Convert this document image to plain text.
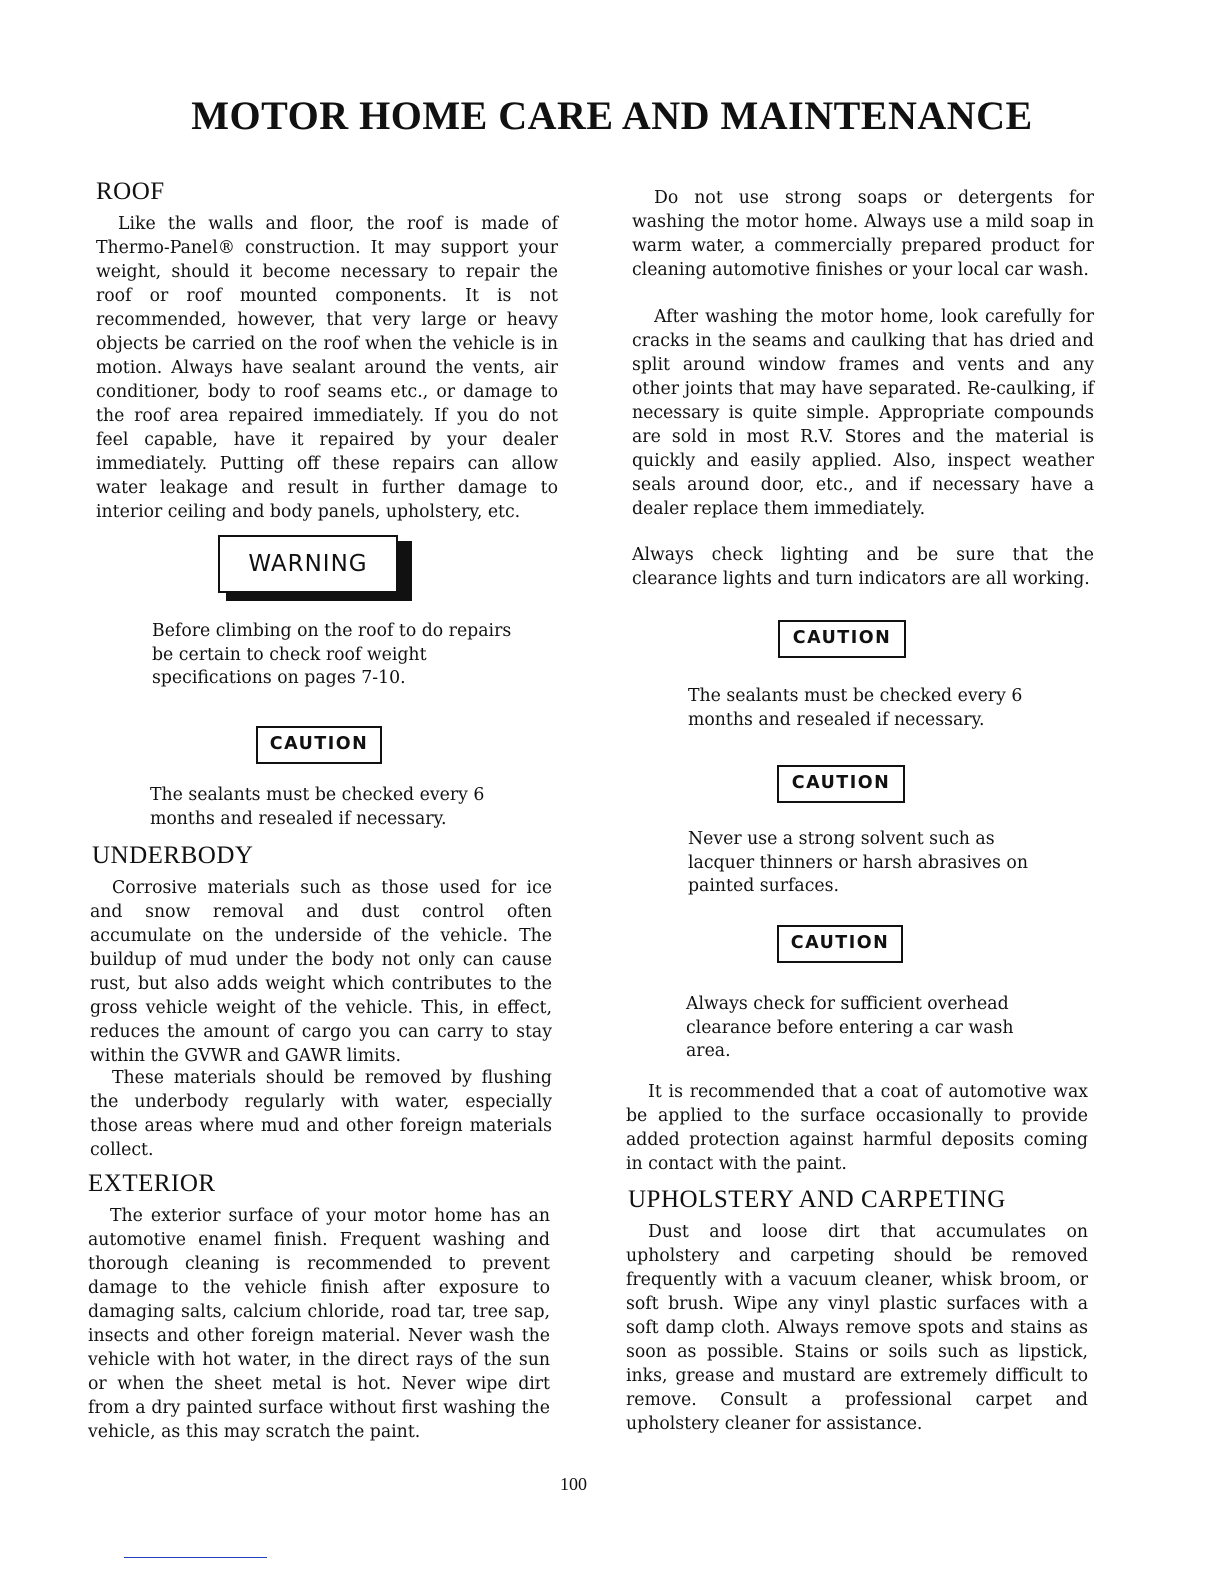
MOTOR HOME CARE AND MAINTENANCE
ROOF

Like the walls and floor, the roof is made of Thermo-Panel® construction. It may support your weight, should it become necessary to repair the roof or roof mounted components. It is not recommended, however, that very large or heavy objects be carried on the roof when the vehicle is in motion. Always have sealant around the vents, air conditioner, body to roof seams etc., or damage to the roof area repaired immediately. If you do not feel capable, have it repaired by your dealer immediately. Putting off these repairs can allow water leakage and result in further damage to interior ceiling and body panels, upholstery, etc.

WARNING

Before climbing on the roof to do repairs be certain to check roof weight specifications on pages 7-10.

CAUTION

The sealants must be checked every 6 months and resealed if necessary.

UNDERBODY

Corrosive materials such as those used for ice and snow removal and dust control often accumulate on the underside of the vehicle. The buildup of mud under the body not only can cause rust, but also adds weight which contributes to the gross vehicle weight of the vehicle. This, in effect, reduces the amount of cargo you can carry to stay within the GVWR and GAWR limits.

These materials should be removed by flushing the underbody regularly with water, especially those areas where mud and other foreign materials collect.

EXTERIOR

The exterior surface of your motor home has an automotive enamel finish. Frequent washing and thorough cleaning is recommended to prevent damage to the vehicle finish after exposure to damaging salts, calcium chloride, road tar, tree sap, insects and other foreign material. Never wash the vehicle with hot water, in the direct rays of the sun or when the sheet metal is hot. Never wipe dirt from a dry painted surface without first washing the vehicle, as this may scratch the paint.

Do not use strong soaps or detergents for washing the motor home. Always use a mild soap in warm water, a commercially prepared product for cleaning automotive finishes or your local car wash.

After washing the motor home, look carefully for cracks in the seams and caulking that has dried and split around window frames and vents and any other joints that may have separated. Re-caulking, if necessary is quite simple. Appropriate compounds are sold in most R.V. Stores and the material is quickly and easily applied. Also, inspect weather seals around door, etc., and if necessary have a dealer replace them immediately.

Always check lighting and be sure that the clearance lights and turn indicators are all working.

CAUTION

The sealants must be checked every 6 months and resealed if necessary.

CAUTION

Never use a strong solvent such as lacquer thinners or harsh abrasives on painted surfaces.

CAUTION

Always check for sufficient overhead clearance before entering a car wash area.

It is recommended that a coat of automotive wax be applied to the surface occasionally to provide added protection against harmful deposits coming in contact with the paint.

UPHOLSTERY AND CARPETING

Dust and loose dirt that accumulates on upholstery and carpeting should be removed frequently with a vacuum cleaner, whisk broom, or soft brush. Wipe any vinyl plastic surfaces with a soft damp cloth. Always remove spots and stains as soon as possible. Stains or soils such as lipstick, inks, grease and mustard are extremely difficult to remove. Consult a professional carpet and upholstery cleaner for assistance.

100
